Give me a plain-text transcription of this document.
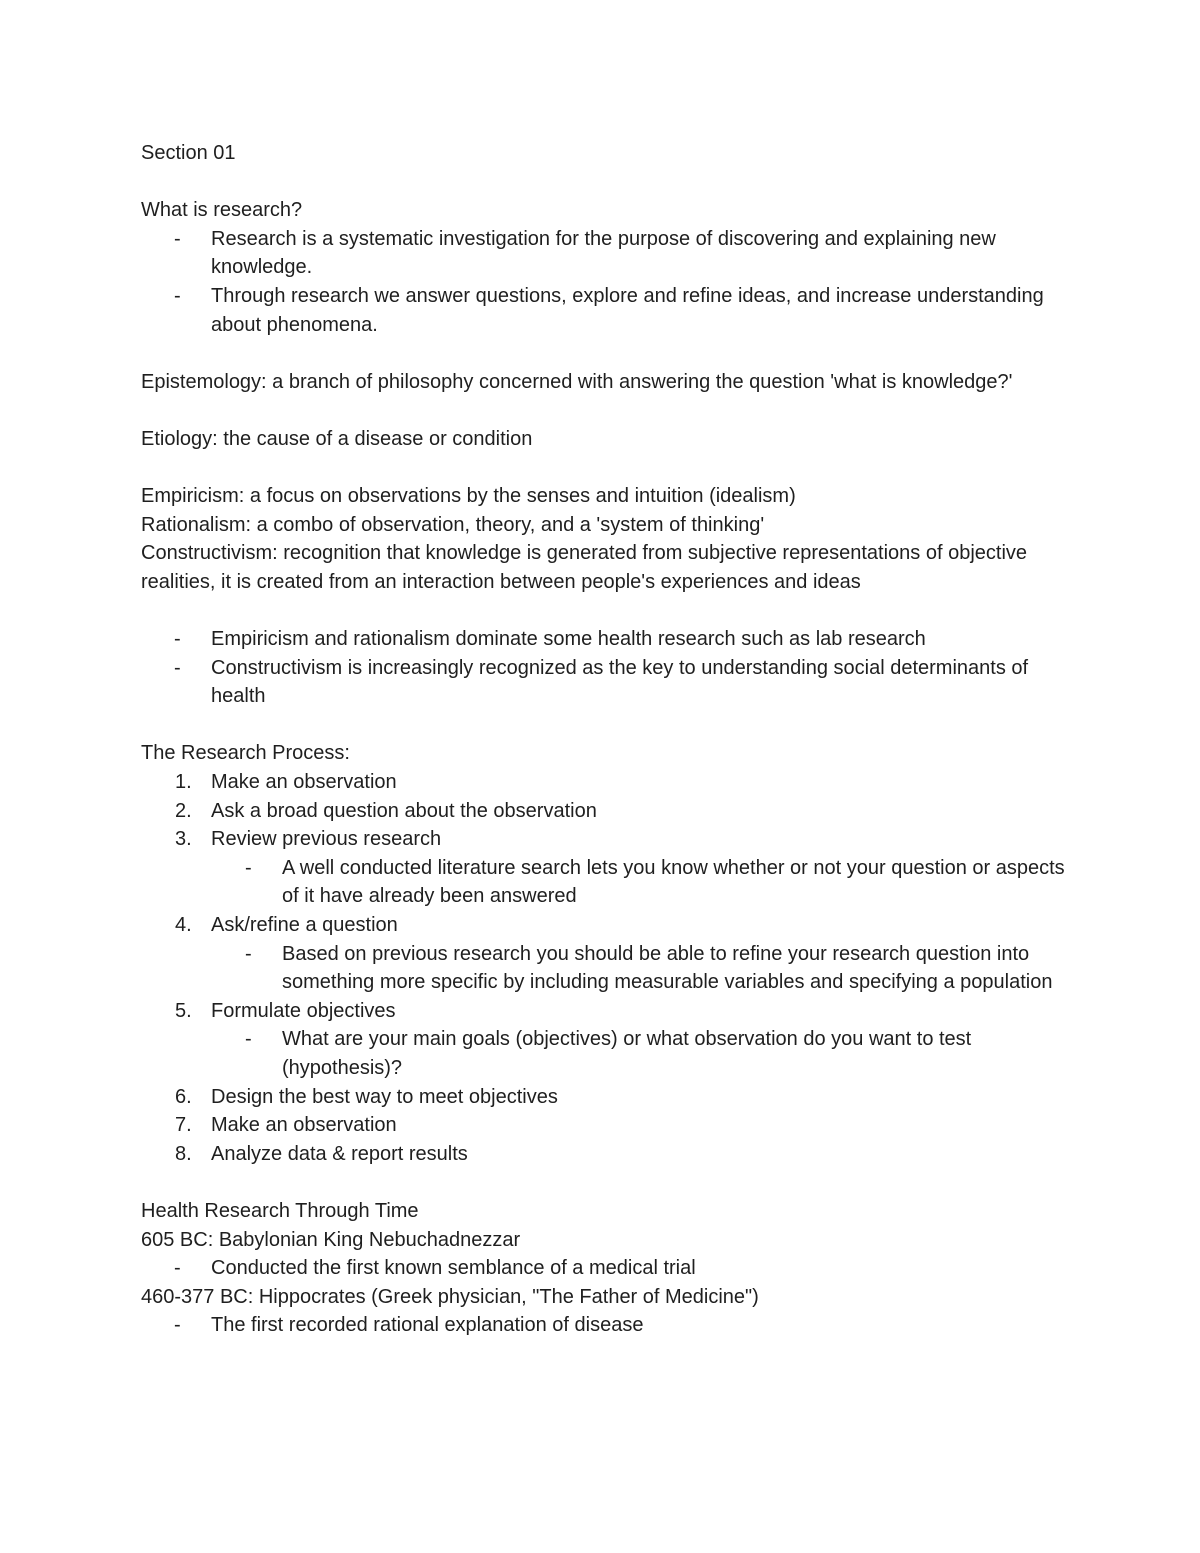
Section 01

What is research?

- Research is a systematic investigation for the purpose of discovering and explaining new knowledge.
- Through research we answer questions, explore and refine ideas, and increase understanding about phenomena.

Epistemology: a branch of philosophy concerned with answering the question 'what is knowledge?'

Etiology: the cause of a disease or condition

Empiricism: a focus on observations by the senses and intuition (idealism)

Rationalism: a combo of observation, theory, and a 'system of thinking'

Constructivism: recognition that knowledge is generated from subjective representations of objective realities, it is created from an interaction between people's experiences and ideas

- Empiricism and rationalism dominate some health research such as lab research
- Constructivism is increasingly recognized as the key to understanding social determinants of health

The Research Process:

1. Make an observation
2. Ask a broad question about the observation
3. Review previous research
- A well conducted literature search lets you know whether or not your question or aspects of it have already been answered
4. Ask/refine a question
- Based on previous research you should be able to refine your research question into something more specific by including measurable variables and specifying a population
5. Formulate objectives
- What are your main goals (objectives) or what observation do you want to test (hypothesis)?
6. Design the best way to meet objectives
7. Make an observation
8. Analyze data & report results

Health Research Through Time

605 BC: Babylonian King Nebuchadnezzar

- Conducted the first known semblance of a medical trial

460-377 BC: Hippocrates (Greek physician, "The Father of Medicine")

- The first recorded rational explanation of disease
